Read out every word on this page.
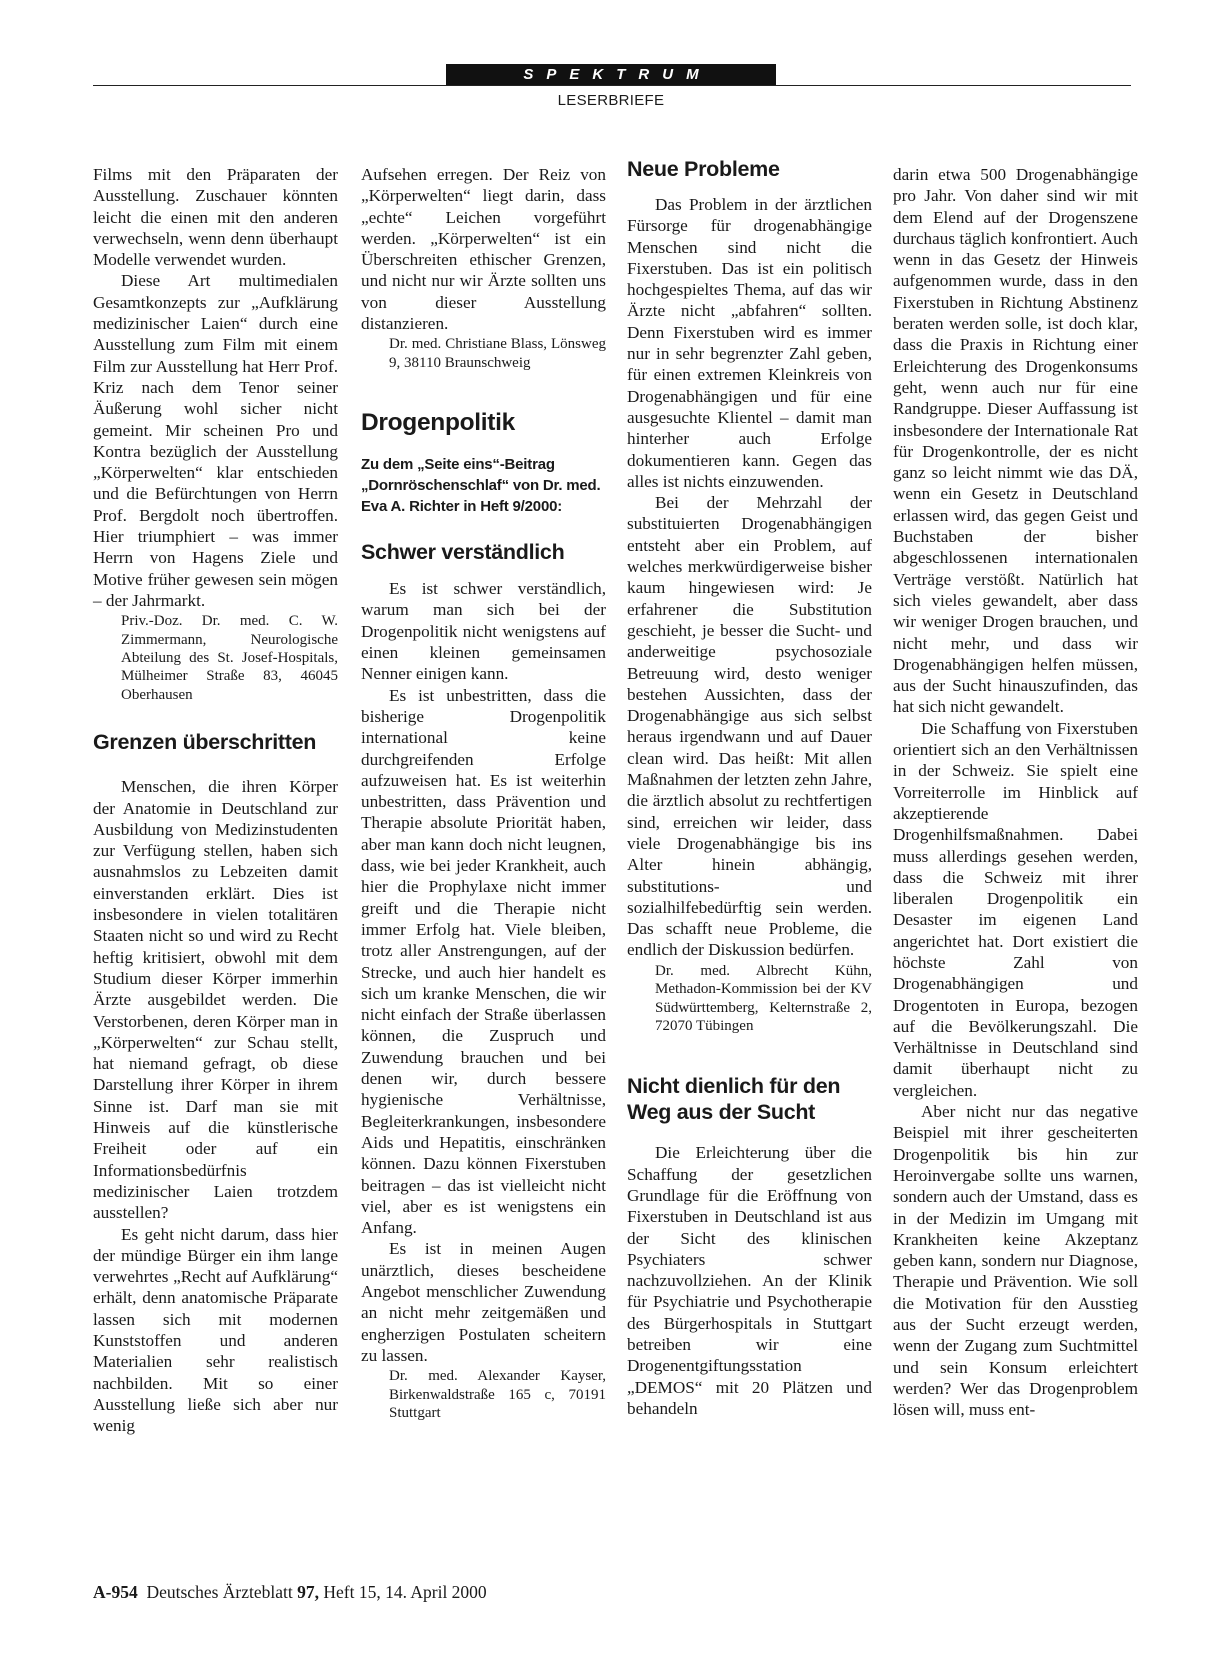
SPEKTRUM
LESERBRIEFE

Films mit den Präparaten der Ausstellung. Zuschauer könnten leicht die einen mit den anderen verwechseln, wenn denn überhaupt Modelle verwendet wurden.

Diese Art multimedialen Gesamtkonzepts zur „Aufklärung medizinischer Laien“ durch eine Ausstellung zum Film mit einem Film zur Ausstellung hat Herr Prof. Kriz nach dem Tenor seiner Äußerung wohl sicher nicht gemeint. Mir scheinen Pro und Kontra bezüglich der Ausstellung „Körperwelten“ klar entschieden und die Befürchtungen von Herrn Prof. Bergdolt noch übertroffen. Hier triumphiert – was immer Herrn von Hagens Ziele und Motive früher gewesen sein mögen – der Jahrmarkt.

Priv.-Doz. Dr. med. C. W. Zimmermann, Neurologische Abteilung des St. Josef-Hospitals, Mülheimer Straße 83, 46045 Oberhausen

Grenzen überschritten

Menschen, die ihren Körper der Anatomie in Deutschland zur Ausbildung von Medizinstudenten zur Verfügung stellen, haben sich ausnahmslos zu Lebzeiten damit einverstanden erklärt. Dies ist insbesondere in vielen totalitären Staaten nicht so und wird zu Recht heftig kritisiert, obwohl mit dem Studium dieser Körper immerhin Ärzte ausgebildet werden. Die Verstorbenen, deren Körper man in „Körperwelten“ zur Schau stellt, hat niemand gefragt, ob diese Darstellung ihrer Körper in ihrem Sinne ist. Darf man sie mit Hinweis auf die künstlerische Freiheit oder auf ein Informationsbedürfnis medizinischer Laien trotzdem ausstellen?

Es geht nicht darum, dass hier der mündige Bürger ein ihm lange verwehrtes „Recht auf Aufklärung“ erhält, denn anatomische Präparate lassen sich mit modernen Kunststoffen und anderen Materialien sehr realistisch nachbilden. Mit so einer Ausstellung ließe sich aber nur wenig

Aufsehen erregen. Der Reiz von „Körperwelten“ liegt darin, dass „echte“ Leichen vorgeführt werden. „Körperwelten“ ist ein Überschreiten ethischer Grenzen, und nicht nur wir Ärzte sollten uns von dieser Ausstellung distanzieren.

Dr. med. Christiane Blass, Lönsweg 9, 38110 Braunschweig

Drogenpolitik
Zu dem „Seite eins“-Beitrag „Dornröschenschlaf“ von Dr. med. Eva A. Richter in Heft 9/2000:
Schwer verständlich

Es ist schwer verständlich, warum man sich bei der Drogenpolitik nicht wenigstens auf einen kleinen gemeinsamen Nenner einigen kann.

Es ist unbestritten, dass die bisherige Drogenpolitik international keine durchgreifenden Erfolge aufzuweisen hat. Es ist weiterhin unbestritten, dass Prävention und Therapie absolute Priorität haben, aber man kann doch nicht leugnen, dass, wie bei jeder Krankheit, auch hier die Prophylaxe nicht immer greift und die Therapie nicht immer Erfolg hat. Viele bleiben, trotz aller Anstrengungen, auf der Strecke, und auch hier handelt es sich um kranke Menschen, die wir nicht einfach der Straße überlassen können, die Zuspruch und Zuwendung brauchen und bei denen wir, durch bessere hygienische Verhältnisse, Begleiterkrankungen, insbesondere Aids und Hepatitis, einschränken können. Dazu können Fixerstuben beitragen – das ist vielleicht nicht viel, aber es ist wenigstens ein Anfang.

Es ist in meinen Augen unärztlich, dieses bescheidene Angebot menschlicher Zuwendung an nicht mehr zeitgemäßen und engherzigen Postulaten scheitern zu lassen.

Dr. med. Alexander Kayser, Birkenwaldstraße 165 c, 70191 Stuttgart

Neue Probleme

Das Problem in der ärztlichen Fürsorge für drogenabhängige Menschen sind nicht die Fixerstuben. Das ist ein politisch hochgespieltes Thema, auf das wir Ärzte nicht „abfahren“ sollten. Denn Fixerstuben wird es immer nur in sehr begrenzter Zahl geben, für einen extremen Kleinkreis von Drogenabhängigen und für eine ausgesuchte Klientel – damit man hinterher auch Erfolge dokumentieren kann. Gegen das alles ist nichts einzuwenden.

Bei der Mehrzahl der substituierten Drogenabhängigen entsteht aber ein Problem, auf welches merkwürdigerweise bisher kaum hingewiesen wird: Je erfahrener die Substitution geschieht, je besser die Sucht- und anderweitige psychosoziale Betreuung wird, desto weniger bestehen Aussichten, dass der Drogenabhängige aus sich selbst heraus irgendwann und auf Dauer clean wird. Das heißt: Mit allen Maßnahmen der letzten zehn Jahre, die ärztlich absolut zu rechtfertigen sind, erreichen wir leider, dass viele Drogenabhängige bis ins Alter hinein abhängig, substitutions- und sozialhilfebedürftig sein werden. Das schafft neue Probleme, die endlich der Diskussion bedürfen.

Dr. med. Albrecht Kühn, Methadon-Kommission bei der KV Südwürttemberg, Kelternstraße 2, 72070 Tübingen

Nicht dienlich für den Weg aus der Sucht

Die Erleichterung über die Schaffung der gesetzlichen Grundlage für die Eröffnung von Fixerstuben in Deutschland ist aus der Sicht des klinischen Psychiaters schwer nachzuvollziehen. An der Klinik für Psychiatrie und Psychotherapie des Bürgerhospitals in Stuttgart betreiben wir eine Drogenentgiftungsstation „DEMOS“ mit 20 Plätzen und behandeln

darin etwa 500 Drogenabhängige pro Jahr. Von daher sind wir mit dem Elend auf der Drogenszene durchaus täglich konfrontiert. Auch wenn in das Gesetz der Hinweis aufgenommen wurde, dass in den Fixerstuben in Richtung Abstinenz beraten werden solle, ist doch klar, dass die Praxis in Richtung einer Erleichterung des Drogenkonsums geht, wenn auch nur für eine Randgruppe. Dieser Auffassung ist insbesondere der Internationale Rat für Drogenkontrolle, der es nicht ganz so leicht nimmt wie das DÄ, wenn ein Gesetz in Deutschland erlassen wird, das gegen Geist und Buchstaben der bisher abgeschlossenen internationalen Verträge verstößt. Natürlich hat sich vieles gewandelt, aber dass wir weniger Drogen brauchen, und nicht mehr, und dass wir Drogenabhängigen helfen müssen, aus der Sucht hinauszufinden, das hat sich nicht gewandelt.

Die Schaffung von Fixerstuben orientiert sich an den Verhältnissen in der Schweiz. Sie spielt eine Vorreiterrolle im Hinblick auf akzeptierende Drogenhilfsmaßnahmen. Dabei muss allerdings gesehen werden, dass die Schweiz mit ihrer liberalen Drogenpolitik ein Desaster im eigenen Land angerichtet hat. Dort existiert die höchste Zahl von Drogenabhängigen und Drogentoten in Europa, bezogen auf die Bevölkerungszahl. Die Verhältnisse in Deutschland sind damit überhaupt nicht zu vergleichen.

Aber nicht nur das negative Beispiel mit ihrer gescheiterten Drogenpolitik bis hin zur Heroinvergabe sollte uns warnen, sondern auch der Umstand, dass es in der Medizin im Umgang mit Krankheiten keine Akzeptanz geben kann, sondern nur Diagnose, Therapie und Prävention. Wie soll die Motivation für den Ausstieg aus der Sucht erzeugt werden, wenn der Zugang zum Suchtmittel und sein Konsum erleichtert werden? Wer das Drogenproblem lösen will, muss ent-

A-954 Deutsches Ärzteblatt 97, Heft 15, 14. April 2000
